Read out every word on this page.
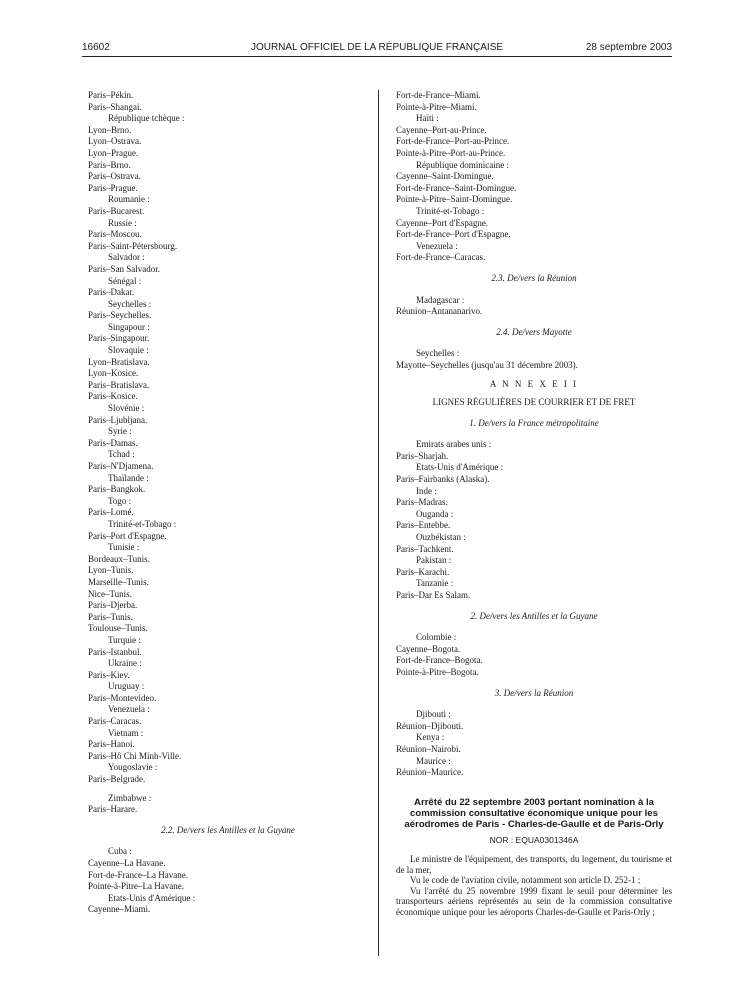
16602	JOURNAL OFFICIEL DE LA RÉPUBLIQUE FRANÇAISE	28 septembre 2003
Paris–Pékin.
Paris–Shangai.
République tchèque :
Lyon–Brno.
Lyon–Ostrava.
Lyon–Prague.
Paris–Brno.
Paris–Ostrava.
Paris–Prague.
Roumanie :
Paris–Bucarest.
Russie :
Paris–Moscou.
Paris–Saint-Pétersbourg.
Salvador :
Paris–San Salvador.
Sénégal :
Paris–Dakar.
Seychelles :
Paris–Seychelles.
Singapour :
Paris–Singapour.
Slovaquie :
Lyon–Bratislava.
Lyon–Kosice.
Paris–Bratislava.
Paris–Kosice.
Slovénie :
Paris–Ljubljana.
Syrie :
Paris–Damas.
Tchad :
Paris–N'Djamena.
Thaïlande :
Paris–Bangkok.
Togo :
Paris–Lomé.
Trinité-et-Tobago :
Paris–Port d'Espagne.
Tunisie :
Bordeaux–Tunis.
Lyon–Tunis.
Marseille–Tunis.
Nice–Tunis.
Paris–Djerba.
Paris–Tunis.
Toulouse–Tunis.
Turquie :
Paris–Istanbul.
Ukraine :
Paris–Kiev.
Uruguay :
Paris–Montevideo.
Venezuela :
Paris–Caracas.
Vietnam :
Paris–Hanoi.
Paris–Hô Chi Minh-Ville.
Yougoslavie :
Paris–Belgrade.
Zimbabwe :
Paris–Harare.
2.2. De/vers les Antilles et la Guyane
Cuba :
Cayenne–La Havane.
Fort-de-France–La Havane.
Pointe-à-Pitre–La Havane.
Etats-Unis d'Amérique :
Cayenne–Miami.
Fort-de-France–Miami.
Pointe-à-Pitre–Miami.
Haïti :
Cayenne–Port-au-Prince.
Fort-de-France–Port-au-Prince.
Pointe-à-Pitre–Port-au-Prince.
République dominicaine :
Cayenne–Saint-Domingue.
Fort-de-France–Saint-Domingue.
Pointe-à-Pitre–Saint-Domingue.
Trinité-et-Tobago :
Cayenne–Port d'Espagne.
Fort-de-France–Port d'Espagne.
Venezuela :
Fort-de-France–Caracas.
2.3. De/vers la Réunion
Madagascar :
Réunion–Antananarivo.
2.4. De/vers Mayotte
Seychelles :
Mayotte–Seychelles (jusqu'au 31 décembre 2003).
A N N E X E I I
LIGNES RÉGULIÈRES DE COURRIER ET DE FRET
1. De/vers la France métropolitaine
Emirats arabes unis :
Paris–Sharjah.
Etats-Unis d'Amérique :
Paris–Fairbanks (Alaska).
Inde :
Paris–Madras.
Ouganda :
Paris–Entebbe.
Ouzbékistan :
Paris–Tachkent.
Pakistan :
Paris–Karachi.
Tanzanie :
Paris–Dar Es Salam.
2. De/vers les Antilles et la Guyane
Colombie :
Cayenne–Bogota.
Fort-de-France–Bogota.
Pointe-à-Pitre–Bogota.
3. De/vers la Réunion
Djibouti :
Réunion–Djibouti.
Kenya :
Réunion–Nairobi.
Maurice :
Réunion–Maurice.
Arrêté du 22 septembre 2003 portant nomination à la commission consultative économique unique pour les aérodromes de Paris - Charles-de-Gaulle et de Paris-Orly
NOR : EQUA0301346A
Le ministre de l'équipement, des transports, du logement, du tourisme et de la mer,
Vu le code de l'aviation civile, notamment son article D. 252-1 ;
Vu l'arrêté du 25 novembre 1999 fixant le seuil pour déterminer les transporteurs aériens représentés au sein de la commission consultative économique unique pour les aéroports Charles-de-Gaulle et Paris-Orly ;
